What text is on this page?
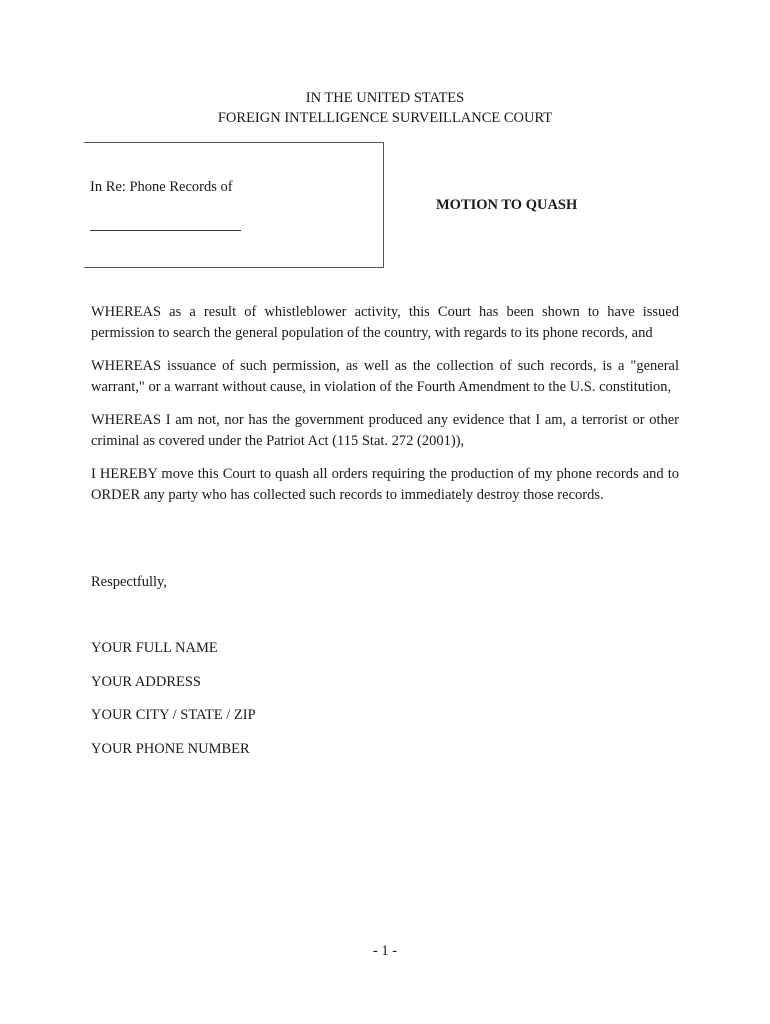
IN THE UNITED STATES
FOREIGN INTELLIGENCE SURVEILLANCE COURT
In Re: Phone Records of
MOTION TO QUASH

WHEREAS as a result of whistleblower activity, this Court has been shown to have issued permission to search the general population of the country, with regards to its phone records, and

WHEREAS issuance of such permission, as well as the collection of such records, is a "general warrant," or a warrant without cause, in violation of the Fourth Amendment to the U.S. constitution,

WHEREAS I am not, nor has the government produced any evidence that I am, a terrorist or other criminal as covered under the Patriot Act (115 Stat. 272 (2001)),

I HEREBY move this Court to quash all orders requiring the production of my phone records and to ORDER any party who has collected such records to immediately destroy those records.

Respectfully,
YOUR FULL NAME
YOUR ADDRESS
YOUR CITY / STATE / ZIP
YOUR PHONE NUMBER
- 1 -
